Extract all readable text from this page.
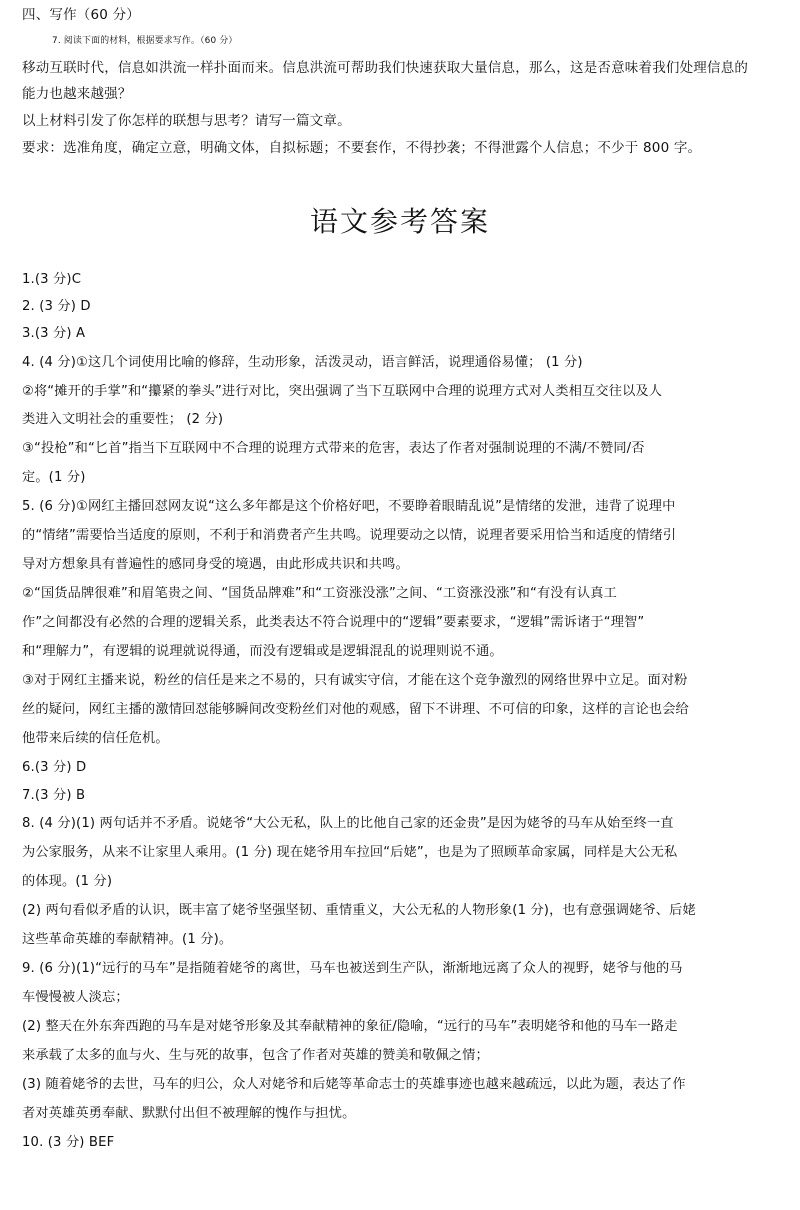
四、写作（60 分）
7. 阅读下面的材料，根据要求写作。（60 分）
移动互联时代，信息如洪流一样扑面而来。信息洪流可帮助我们快速获取大量信息，那么，这是否意味着我们处理信息的
能力也越来越强？
以上材料引发了你怎样的联想与思考？请写一篇文章。
要求：选准角度，确定立意，明确文体，自拟标题；不要套作，不得抄袭；不得泄露个人信息；不少于 800 字。
语文参考答案
1.(3 分)C
2. (3 分) D
3.(3 分) A
4. (4 分)①这几个词使用比喻的修辞，生动形象，活泼灵动，语言鲜活，说理通俗易懂； (1 分)
②将“摊开的手掌”和“攥紧的拳头”进行对比，突出强调了当下互联网中合理的说理方式对人类相互交往以及人
类进入文明社会的重要性； (2 分)
③“投枪”和“匕首”指当下互联网中不合理的说理方式带来的危害，表达了作者对强制说理的不满/不赞同/否
定。(1 分)
5. (6 分)①网红主播回怼网友说“这么多年都是这个价格好吧，不要睁着眼睛乱说”是情绪的发泄，违背了说理中
的“情绪”需要恰当适度的原则，不利于和消费者产生共鸣。说理要动之以情，说理者要采用恰当和适度的情绪引
导对方想象具有普遍性的感同身受的境遇，由此形成共识和共鸣。
②“国货品牌很难”和眉笔贵之间、“国货品牌难”和“工资涨没涨”之间、“工资涨没涨”和“有没有认真工
作”之间都没有必然的合理的逻辑关系，此类表达不符合说理中的“逻辑”要素要求，“逻辑”需诉诸于“理智”
和“理解力”，有逻辑的说理就说得通，而没有逻辑或是逻辑混乱的说理则说不通。
③对于网红主播来说，粉丝的信任是来之不易的，只有诚实守信，才能在这个竞争激烈的网络世界中立足。面对粉
丝的疑问，网红主播的激情回怼能够瞬间改变粉丝们对他的观感，留下不讲理、不可信的印象，这样的言论也会给
他带来后续的信任危机。
6.(3 分) D
7.(3 分) B
8. (4 分)(1) 两句话并不矛盾。说姥爷“大公无私，队上的比他自己家的还金贵”是因为姥爷的马车从始至终一直
为公家服务，从来不让家里人乘用。(1 分) 现在姥爷用车拉回“后姥”，也是为了照顾革命家属，同样是大公无私
的体现。(1 分)
(2) 两句看似矛盾的认识，既丰富了姥爷坚强坚韧、重情重义，大公无私的人物形象(1 分)，也有意强调姥爷、后姥
这些革命英雄的奉献精神。(1 分)。
9. (6 分)(1)“远行的马车”是指随着姥爷的离世，马车也被送到生产队，渐渐地远离了众人的视野，姥爷与他的马
车慢慢被人淡忘；
(2) 整天在外东奔西跑的马车是对姥爷形象及其奉献精神的象征/隐喻，“远行的马车”表明姥爷和他的马车一路走
来承载了太多的血与火、生与死的故事，包含了作者对英雄的赞美和敬佩之情；
(3) 随着姥爷的去世，马车的归公，众人对姥爷和后姥等革命志士的英雄事迹也越来越疏远，以此为题，表达了作
者对英雄英勇奉献、默默付出但不被理解的愧作与担忧。
10. (3 分) BEF
